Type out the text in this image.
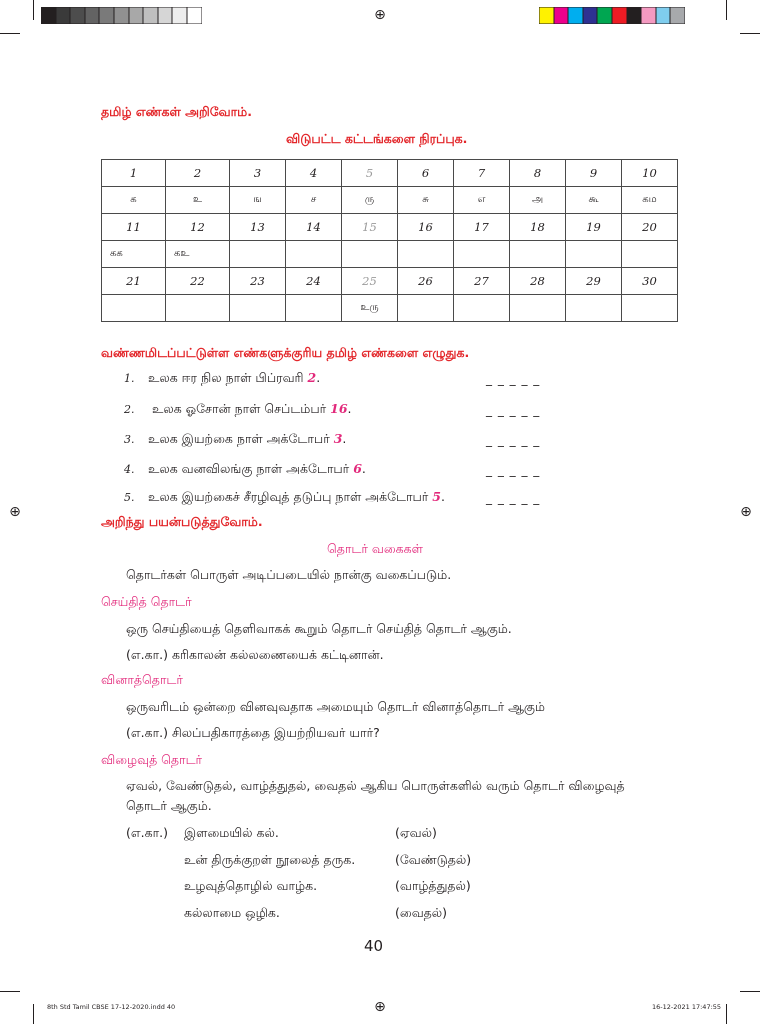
⊕
⊕	⊕
⊕
தமிழ் எண்கள் அறிவோம்.
விடுபட்ட கட்டங்களை நிரப்புக.
1	2	3	4	5	6	7	8	9	10
க	உ	ங	ச	ரு	சு	எ	அ	கூ	கம
11	12	13	14	15	16	17	18	19	20
கக	கஉ								
21	22	23	24	25	26	27	28	29	30
				உரு					
வண்ணமிடப்பட்டுள்ள எண்களுக்குரிய தமிழ் எண்களை எழுதுக.
1. உலக ஈர நில நாள் பிப்ரவரி 2.	_ _ _ _ _
2. உலக ஓசோன் நாள் செப்டம்பர் 16.	_ _ _ _ _
3. உலக இயற்கை நாள் அக்டோபர் 3.	_ _ _ _ _
4. உலக வனவிலங்கு நாள் அக்டோபர் 6.	_ _ _ _ _
5. உலக இயற்கைச் சீரழிவுத் தடுப்பு நாள் அக்டோபர் 5.	_ _ _ _ _
அறிந்து பயன்படுத்துவோம்.
தொடர் வகைகள்
தொடர்கள் பொருள் அடிப்படையில் நான்கு வகைப்படும்.
செய்தித் தொடர்
ஒரு செய்தியைத் தெளிவாகக் கூறும் தொடர் செய்தித் தொடர் ஆகும்.
(எ.கா.) கரிகாலன் கல்லணையைக் கட்டினான்.
வினாத்தொடர்
ஒருவரிடம் ஒன்றை வினவுவதாக அமையும் தொடர் வினாத்தொடர் ஆகும்
(எ.கா.) சிலப்பதிகாரத்தை இயற்றியவர் யார்?
விழைவுத் தொடர்
ஏவல், வேண்டுதல், வாழ்த்துதல், வைதல் ஆகிய பொருள்களில் வரும் தொடர் விழைவுத்
தொடர் ஆகும்.
(எ.கா.) இளமையில் கல்.	(ஏவல்)
உன் திருக்குறள் நூலைத் தருக.	(வேண்டுதல்)
உழவுத்தொழில் வாழ்க.	(வாழ்த்துதல்)
கல்லாமை ஒழிக.	(வைதல்)
40
8th Std Tamil CBSE 17-12-2020.indd 40	16-12-2021 17:47:55
